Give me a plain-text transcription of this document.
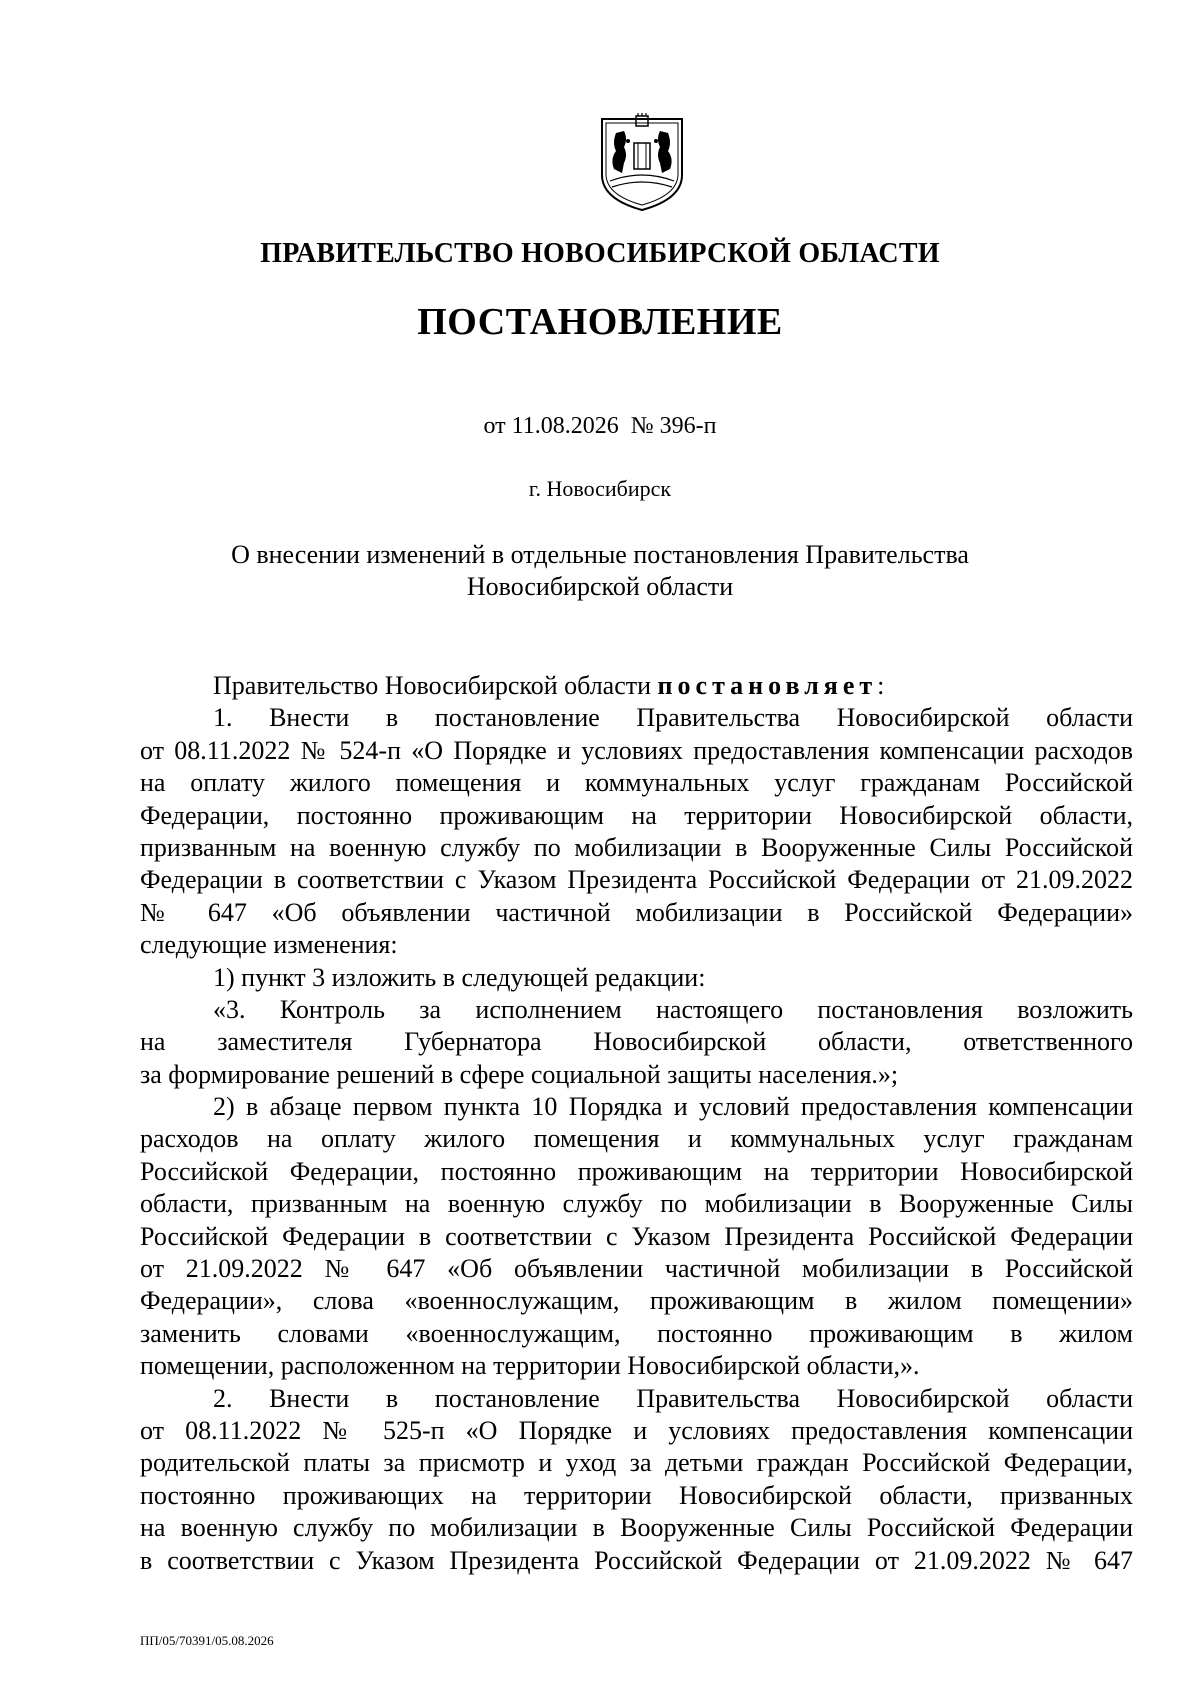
ПРАВИТЕЛЬСТВО НОВОСИБИРСКОЙ ОБЛАСТИ
ПОСТАНОВЛЕНИЕ
от 11.08.2026 № 396-п
г. Новосибирск
О внесении изменений в отдельные постановления Правительства
Новосибирской области
Правительство Новосибирской области постановляет:
1. Внести в постановление Правительства Новосибирской области
от 08.11.2022 № 524-п «О Порядке и условиях предоставления компенсации расходов
на оплату жилого помещения и коммунальных услуг гражданам Российской
Федерации, постоянно проживающим на территории Новосибирской области,
призванным на военную службу по мобилизации в Вооруженные Силы Российской
Федерации в соответствии с Указом Президента Российской Федерации от 21.09.2022
№ 647 «Об объявлении частичной мобилизации в Российской Федерации»
следующие изменения:
1) пункт 3 изложить в следующей редакции:
«3. Контроль за исполнением настоящего постановления возложить
на заместителя Губернатора Новосибирской области, ответственного
за формирование решений в сфере социальной защиты населения.»;
2) в абзаце первом пункта 10 Порядка и условий предоставления компенсации
расходов на оплату жилого помещения и коммунальных услуг гражданам
Российской Федерации, постоянно проживающим на территории Новосибирской
области, призванным на военную службу по мобилизации в Вооруженные Силы
Российской Федерации в соответствии с Указом Президента Российской Федерации
от 21.09.2022 № 647 «Об объявлении частичной мобилизации в Российской
Федерации», слова «военнослужащим, проживающим в жилом помещении»
заменить словами «военнослужащим, постоянно проживающим в жилом
помещении, расположенном на территории Новосибирской области,».
2. Внести в постановление Правительства Новосибирской области
от 08.11.2022 № 525-п «О Порядке и условиях предоставления компенсации
родительской платы за присмотр и уход за детьми граждан Российской Федерации,
постоянно проживающих на территории Новосибирской области, призванных
на военную службу по мобилизации в Вооруженные Силы Российской Федерации
в соответствии с Указом Президента Российской Федерации от 21.09.2022 № 647
ПП/05/70391/05.08.2026
